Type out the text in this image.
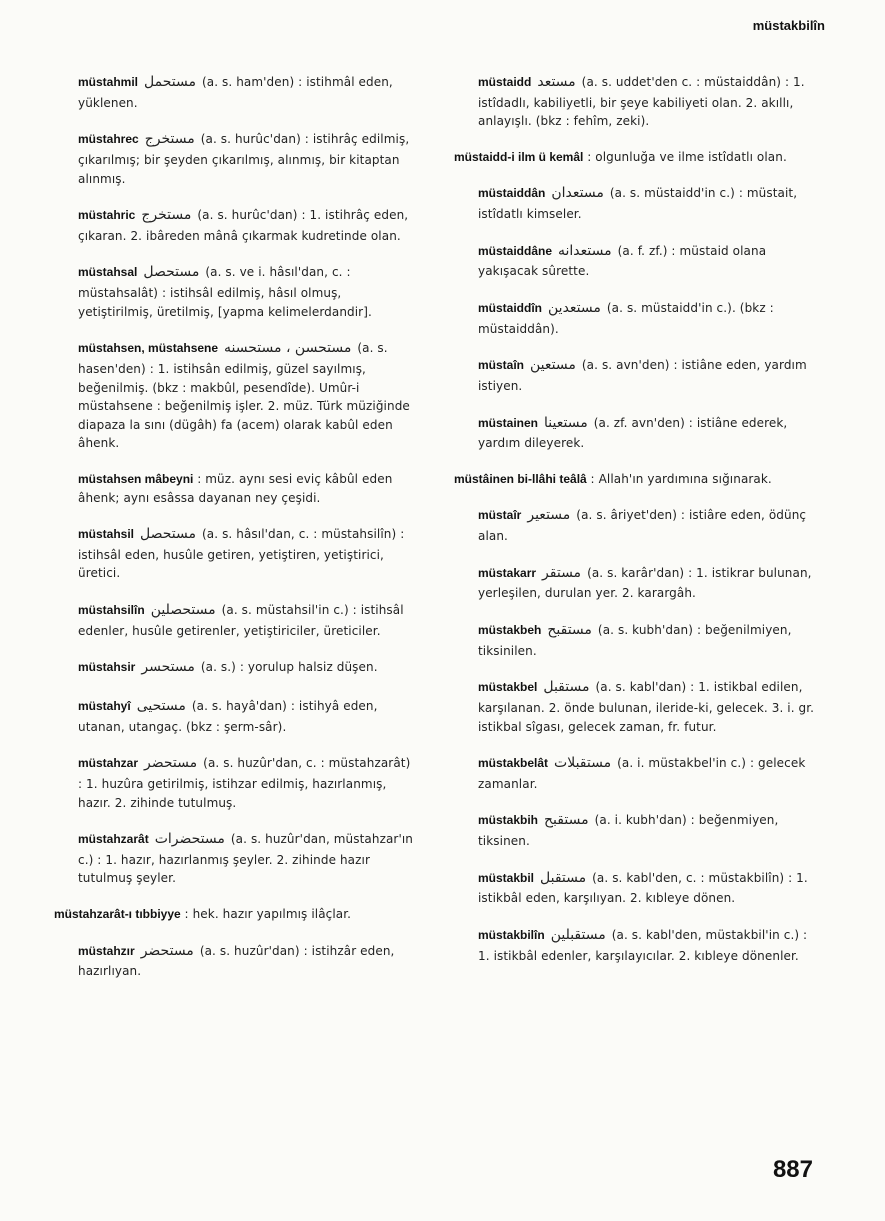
müstakbilîn
müstahmil مستحمل (a. s. ham'den) : istihmâl eden, yüklenen.
müstahrec مستخرج (a. s. hurûc'dan) : istihrâç edilmiş, çıkarılmış; bir şeyden çıkarılmış, alınmış, bir kitaptan alınmış.
müstahric مستخرج (a. s. hurûc'dan) : 1. istihrâç eden, çıkaran. 2. ibâreden mânâ çıkarmak kudretinde olan.
müstahsal مستحصل (a. s. ve i. hâsıl'dan, c. : müstahsalât) : istihsâl edilmiş, hâsıl olmuş, yetiştirilmiş, üretilmiş, [yapma kelimelerdandir].
müstahsen, müstahsene مستحسن ، مستحسنه (a. s. hasen'den) : 1. istihsân edilmiş, güzel sayılmış, beğenilmiş. (bkz : makbûl, pesendîde). Umûr-i müstahsene : beğenilmiş işler. 2. müz. Türk müziğinde diapaza la sını (dügâh) fa (acem) olarak kabûl eden âhenk.
müstahsen mâbeyni : müz. aynı sesi eviç kâbûl eden âhenk; aynı esâssa dayanan ney çeşidi.
müstahsil مستحصل (a. s. hâsıl'dan, c. : müstahsilîn) : istihsâl eden, husûle getiren, yetiştiren, yetiştirici, üretici.
müstahsilîn مستحصلين (a. s. müstahsil'in c.) : istihsâl edenler, husûle getirenler, yetiştiriciler, üreticiler.
müstahsir مستحسر (a. s.) : yorulup halsiz düşen.
müstahyî مستحيى (a. s. hayâ'dan) : istihyâ eden, utanan, utangaç. (bkz : şerm-sâr).
müstahzar مستحضر (a. s. huzûr'dan, c. : müstahzarât) : 1. huzûra getirilmiş, istihzar edilmiş, hazırlanmış, hazır. 2. zihinde tutulmuş.
müstahzarât مستحضرات (a. s. huzûr'dan, müstahzar'ın c.) : 1. hazır, hazırlanmış şeyler. 2. zihinde hazır tutulmuş şeyler.
müstahzarât-ı tıbbiyye : hek. hazır yapılmış ilâçlar.
müstahzır مستحضر (a. s. huzûr'dan) : istihzâr eden, hazırlıyan.
müstaidd مستعد (a. s. uddet'den c. : müstaiddân) : 1. istîdadlı, kabiliyetli, bir şeye kabiliyeti olan. 2. akıllı, anlayışlı. (bkz : fehîm, zeki).
müstaidd-i ilm ü kemâl : olgunluğa ve ilme istîdatlı olan.
müstaiddân مستعدان (a. s. müstaidd'in c.) : müstait, istîdatlı kimseler.
müstaiddâne مستعدانه (a. f. zf.) : müstaid olana yakışacak sûrette.
müstaiddîn مستعدين (a. s. müstaidd'in c.). (bkz : müstaiddân).
müstaîn مستعين (a. s. avn'den) : istiâne eden, yardım istiyen.
müstainen مستعينا (a. zf. avn'den) : istiâne ederek, yardım dileyerek.
müstâinen bi-llâhi teâlâ : Allah'ın yardımına sığınarak.
müstaîr مستعير (a. s. âriyet'den) : istiâre eden, ödünç alan.
müstakarr مستقر (a. s. karâr'dan) : 1. istikrar bulunan, yerleşilen, durulan yer. 2. karargâh.
müstakbeh مستقبح (a. s. kubh'dan) : beğenilmiyen, tiksinilen.
müstakbel مستقبل (a. s. kabl'dan) : 1. istikbal edilen, karşılanan. 2. önde bulunan, ileride-ki, gelecek. 3. i. gr. istikbal sîgası, gelecek zaman, fr. futur.
müstakbelât مستقبلات (a. i. müstakbel'in c.) : gelecek zamanlar.
müstakbih مستقبح (a. i. kubh'dan) : beğenmiyen, tiksinen.
müstakbil مستقبل (a. s. kabl'den, c. : müstakbilîn) : 1. istikbâl eden, karşılıyan. 2. kıbleye dönen.
müstakbilîn مستقبلين (a. s. kabl'den, müstakbil'in c.) : 1. istikbâl edenler, karşılayıcılar. 2. kıbleye dönenler.
887
